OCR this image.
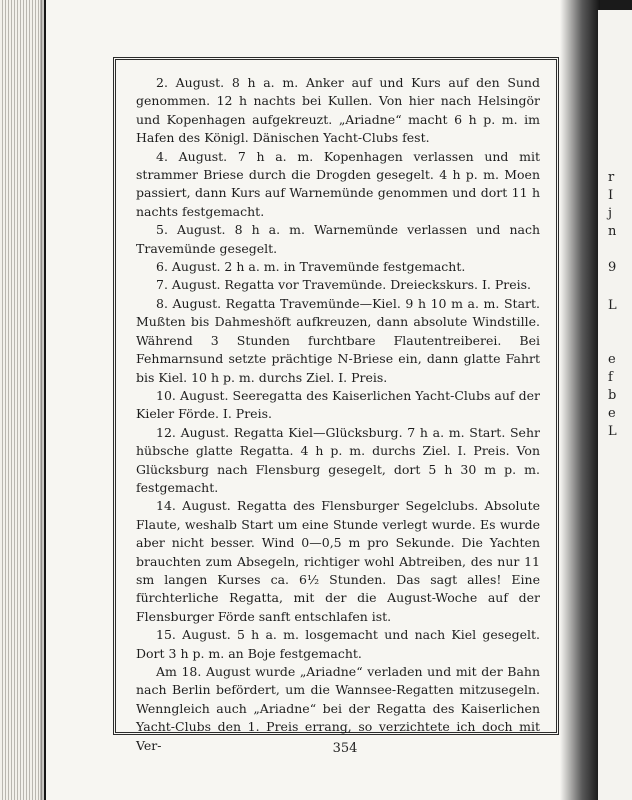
r
I
j
n
9
L
e
f
b
e
L

2. August. 8 h a. m. Anker auf und Kurs auf den Sund genommen. 12 h nachts bei Kullen. Von hier nach Helsingör und Kopenhagen aufgekreuzt. „Ariadne“ macht 6 h p. m. im Hafen des Königl. Dänischen Yacht-Clubs fest.

4. August. 7 h a. m. Kopenhagen verlassen und mit strammer Briese durch die Drogden gesegelt. 4 h p. m. Moen passiert, dann Kurs auf Warnemünde genommen und dort 11 h nachts festgemacht.

5. August. 8 h a. m. Warnemünde verlassen und nach Travemünde gesegelt.

6. August. 2 h a. m. in Travemünde festgemacht.

7. August. Regatta vor Travemünde. Dreieckskurs. I. Preis.

8. August. Regatta Travemünde—Kiel. 9 h 10 m a. m. Start. Mußten bis Dahmeshöft aufkreuzen, dann absolute Windstille. Während 3 Stunden furchtbare Flautentreiberei. Bei Fehmarnsund setzte prächtige N-Briese ein, dann glatte Fahrt bis Kiel. 10 h p. m. durchs Ziel. I. Preis.

10. August. Seeregatta des Kaiserlichen Yacht-Clubs auf der Kieler Förde. I. Preis.

12. August. Regatta Kiel—Glücksburg. 7 h a. m. Start. Sehr hübsche glatte Regatta. 4 h p. m. durchs Ziel. I. Preis. Von Glücksburg nach Flensburg gesegelt, dort 5 h 30 m p. m. festgemacht.

14. August. Regatta des Flensburger Segelclubs. Absolute Flaute, weshalb Start um eine Stunde verlegt wurde. Es wurde aber nicht besser. Wind 0—0,5 m pro Sekunde. Die Yachten brauchten zum Absegeln, richtiger wohl Abtreiben, des nur 11 sm langen Kurses ca. 6½ Stunden. Das sagt alles! Eine fürchterliche Regatta, mit der die August-Woche auf der Flensburger Förde sanft entschlafen ist.

15. August. 5 h a. m. losgemacht und nach Kiel gesegelt. Dort 3 h p. m. an Boje festgemacht.

Am 18. August wurde „Ariadne“ verladen und mit der Bahn nach Berlin befördert, um die Wannsee-Regatten mitzusegeln. Wenngleich auch „Ariadne“ bei der Regatta des Kaiserlichen Yacht-Clubs den 1. Preis errang, so verzichtete ich doch mit Ver-	354
